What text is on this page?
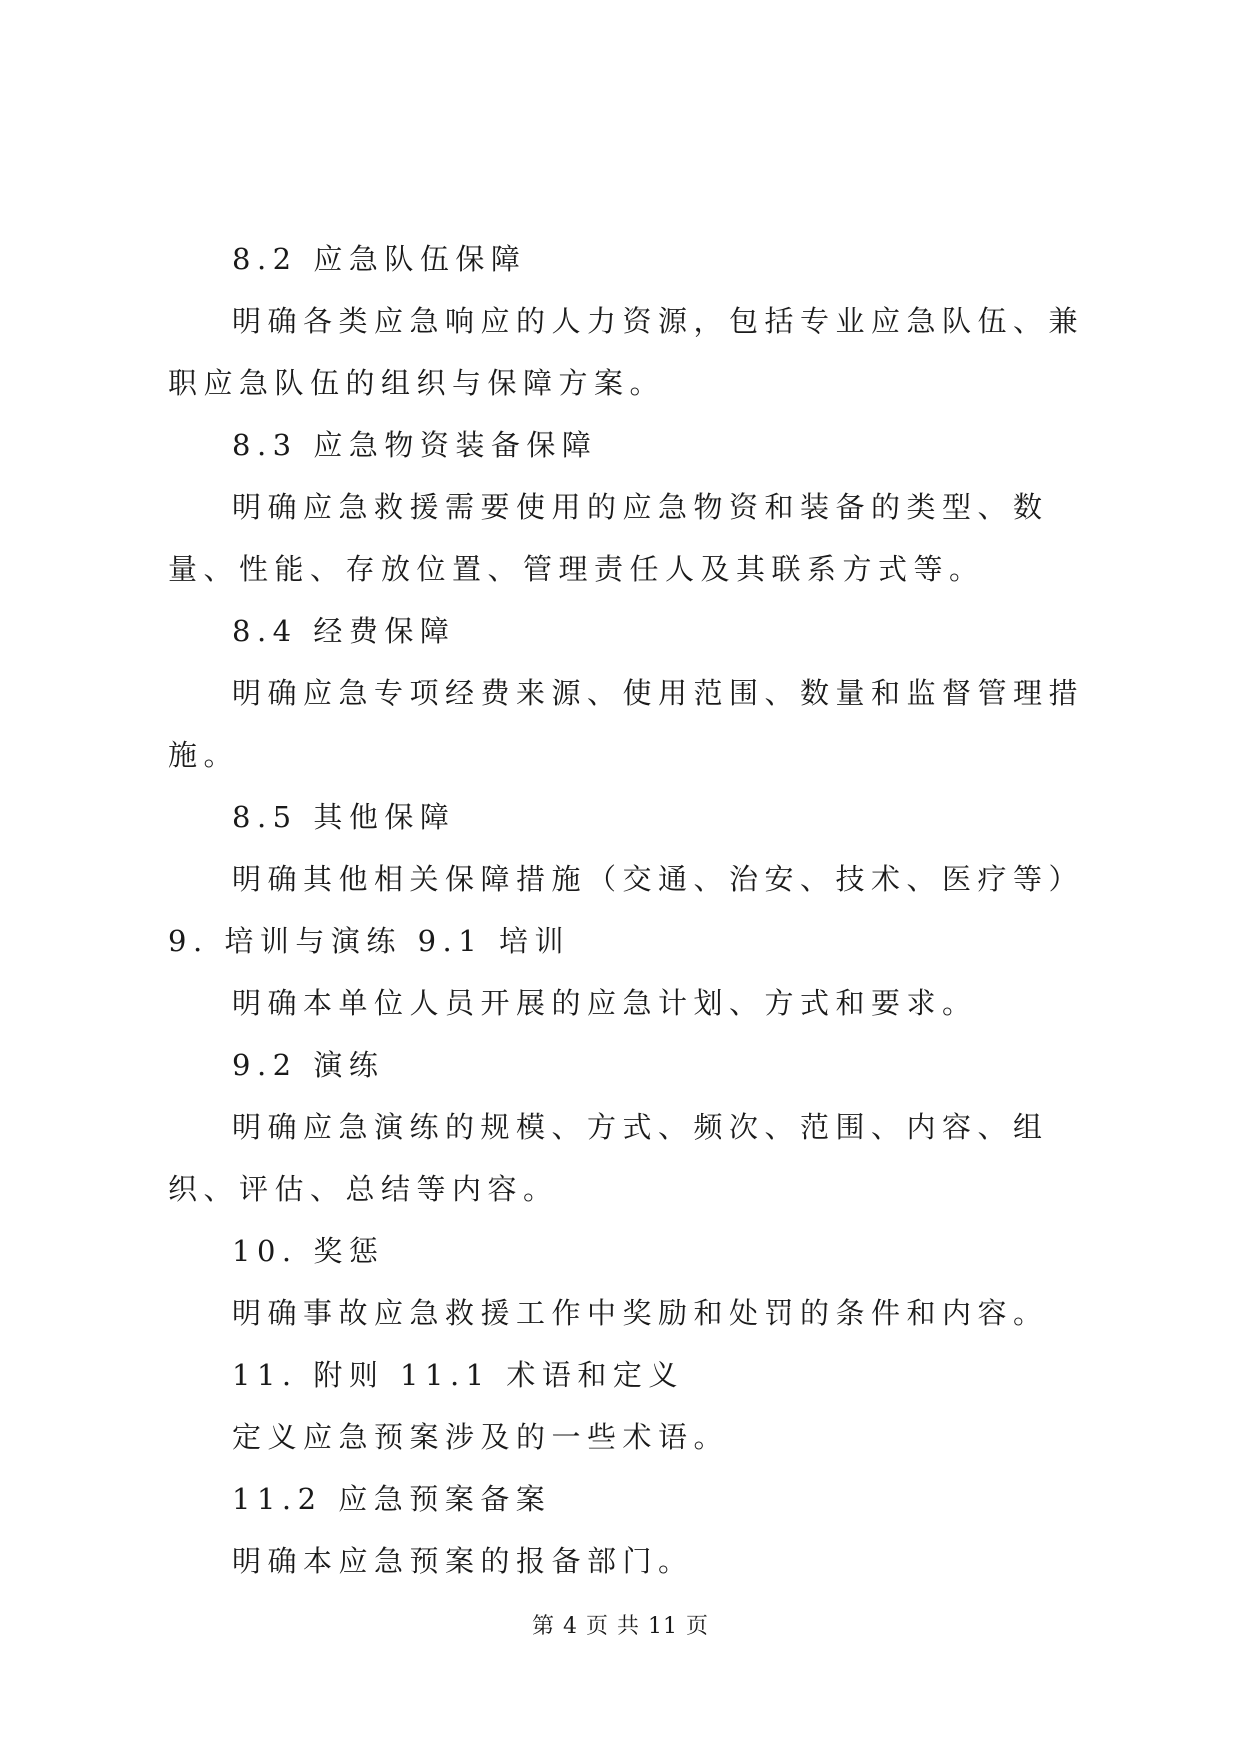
8.2 应急队伍保障

明确各类应急响应的人力资源，包括专业应急队伍、兼职应急队伍的组织与保障方案。

8.3 应急物资装备保障

明确应急救援需要使用的应急物资和装备的类型、数量、性能、存放位置、管理责任人及其联系方式等。

8.4 经费保障

明确应急专项经费来源、使用范围、数量和监督管理措施。

8.5 其他保障

明确其他相关保障措施（交通、治安、技术、医疗等）9. 培训与演练 9.1 培训

明确本单位人员开展的应急计划、方式和要求。

9.2 演练

明确应急演练的规模、方式、频次、范围、内容、组织、评估、总结等内容。

10. 奖惩

明确事故应急救援工作中奖励和处罚的条件和内容。

11. 附则 11.1 术语和定义

定义应急预案涉及的一些术语。

11.2 应急预案备案

明确本应急预案的报备部门。

第 4 页 共 11 页
